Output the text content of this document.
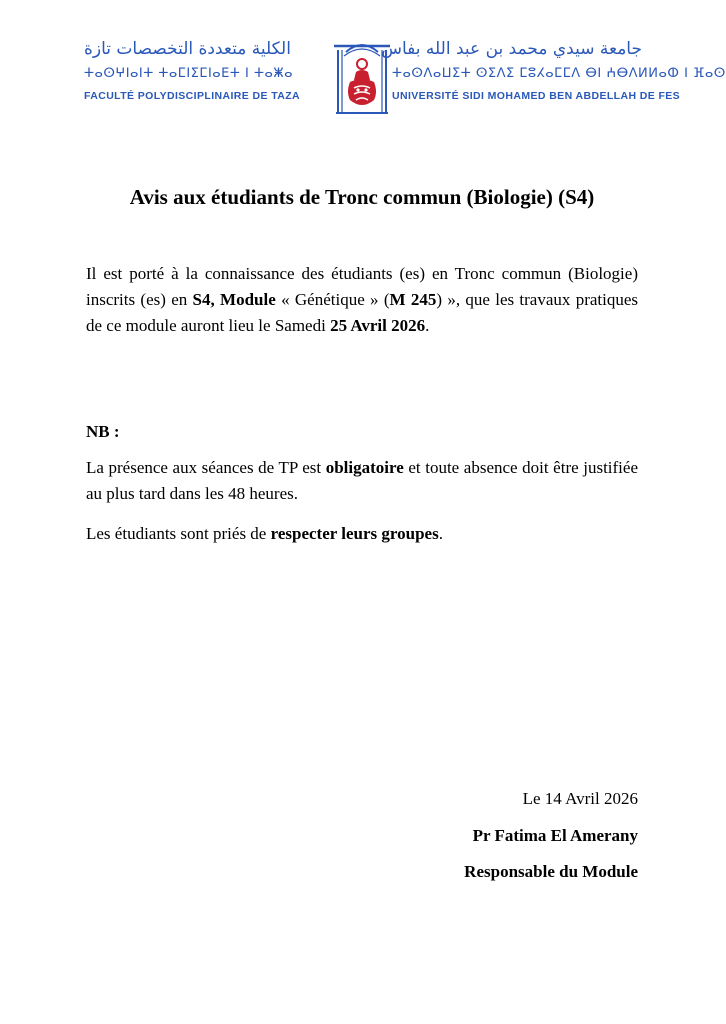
الكلية متعددة التخصصات تازة
ⵜⴰⵙⵖⵏⴰⵏⵜ ⵜⴰⵎⵏⵉⵎⵏⴰⴹⵜ ⵏ ⵜⴰⵥⴰ
FACULTÉ POLYDISCIPLINAIRE DE TAZA
جامعة سيدي محمد بن عبد الله بفاس
ⵜⴰⵙⴷⴰⵡⵉⵜ ⵙⵉⴷⵉ ⵎⵓⵃⴰⵎⵎⴷ ⴱⵏ ⵄⴱⴷⵍⵍⴰⵀ ⵏ ⴼⴰⵙ
UNIVERSITÉ SIDI MOHAMED BEN ABDELLAH DE FES
Avis aux étudiants de Tronc commun (Biologie) (S4)

Il est porté à la connaissance des étudiants (es) en Tronc commun (Biologie) inscrits (es) en S4, Module « Génétique » (M 245) », que les travaux pratiques de ce module auront lieu le Samedi 25 Avril 2026.

NB :

La présence aux séances de TP est obligatoire et toute absence doit être justifiée au plus tard dans les 48 heures.

Les étudiants sont priés de respecter leurs groupes.

Le 14 Avril 2026
Pr Fatima El Amerany
Responsable du Module
